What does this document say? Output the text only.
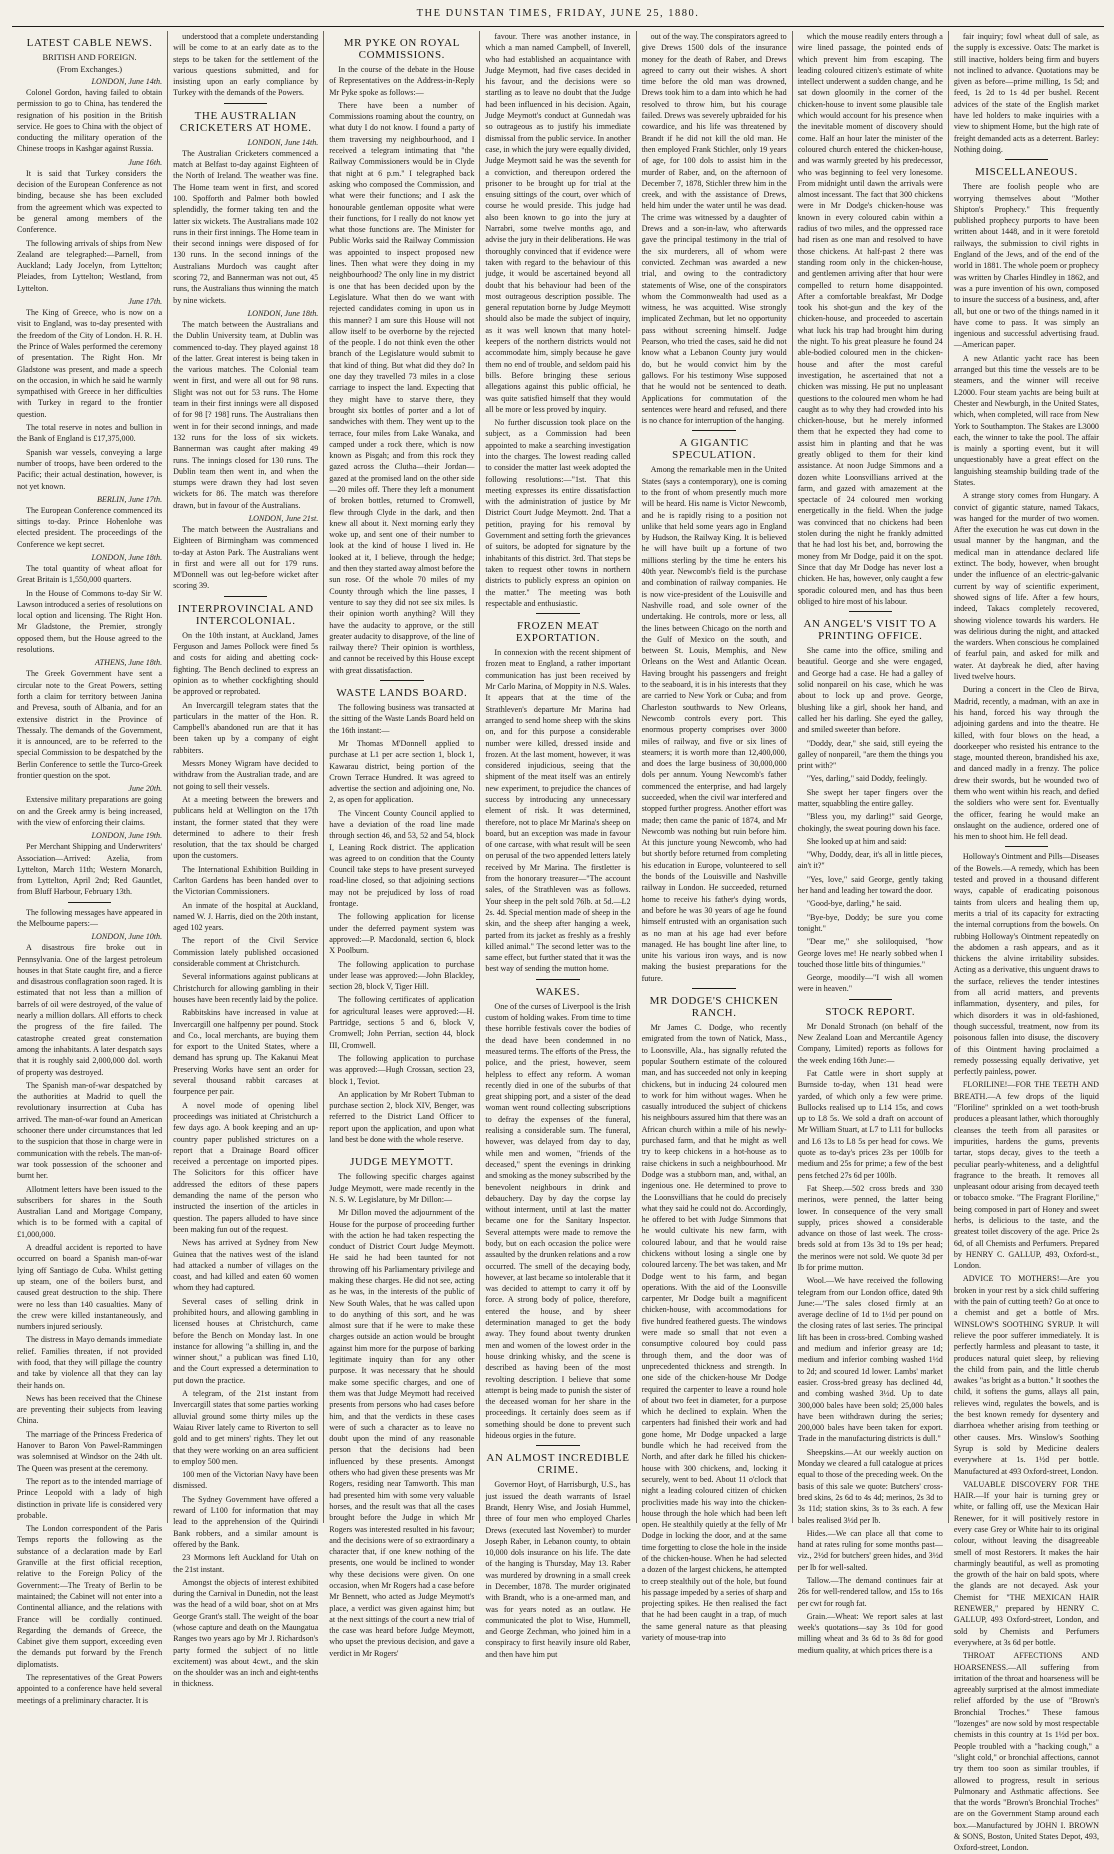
THE DUNSTAN TIMES, FRIDAY, JUNE 25, 1880.
LATEST CABLE NEWS.
BRITISH AND FOREIGN.
(From Exchanges.)
LONDON, June 14th.

Colonel Gordon, having failed to obtain permission to go to China, has tendered the resignation of his position in the British service. He goes to China with the object of conducting the military operation of the Chinese troops in Kashgar against Russia.

June 16th.

It is said that Turkey considers the decision of the European Conference as not binding, because she has been excluded from the agreement which was expected to be general among members of the Conference.

The following arrivals of ships from New Zealand are telegraphed:—Parnell, from Auckland; Lady Jocelyn, from Lyttelton; Pleiades, from Lyttelton; Westland, from Lyttelton.

June 17th.

The King of Greece, who is now on a visit to England, was to-day presented with the freedom of the City of London. H. R. H. the Prince of Wales performed the ceremony of presentation. The Right Hon. Mr Gladstone was present, and made a speech on the occasion, in which he said he warmly sympathised with Greece in her difficulties with Turkey in regard to the frontier question.

The total reserve in notes and bullion in the Bank of England is £17,375,000.

Spanish war vessels, conveying a large number of troops, have been ordered to the Pacific; their actual destination, however, is not yet known.

BERLIN, June 17th.

The European Conference commenced its sittings to-day. Prince Hohenlohe was elected president. The proceedings of the Conference we kept secret.

LONDON, June 18th.

The total quantity of wheat afloat for Great Britain is 1,550,000 quarters.

In the House of Commons to-day Sir W. Lawson introduced a series of resolutions on local option and licensing. The Right Hon. Mr Gladstone, the Premier, strongly opposed them, but the House agreed to the resolutions.

ATHENS, June 18th.

The Greek Government have sent a circular note to the Great Powers, setting forth a claim for territory between Janina and Prevesa, south of Albania, and for an extensive district in the Province of Thessaly. The demands of the Government, it is announced, are to be referred to the special Commission to be despatched by the Berlin Conference to settle the Turco-Greek frontier question on the spot.

June 20th.

Extensive military preparations are going on and the Greek army is being increased, with the view of enforcing their claims.

LONDON, June 19th.

Per Merchant Shipping and Underwriters' Association—Arrived: Azelia, from Lyttelton, March 11th; Western Monarch, from Lyttelton, April 2nd; Red Gauntlet, from Bluff Harbour, February 13th.

The following messages have appeared in the Melbourne papers:—

LONDON, June 10th.

A disastrous fire broke out in Pennsylvania. One of the largest petroleum houses in that State caught fire, and a fierce and disastrous conflagration soon raged. It is estimated that not less than a million of barrels of oil were destroyed, of the value of nearly a million dollars. All efforts to check the progress of the fire failed. The catastrophe created great consternation among the inhabitants. A later despatch says that it is roughly said 2,000,000 dol. worth of property was destroyed.

The Spanish man-of-war despatched by the authorities at Madrid to quell the revolutionary insurrection at Cuba has arrived. The man-of-war found an American schooner there under circumstances that led to the suspicion that those in charge were in communication with the rebels. The man-of-war took possession of the schooner and burnt her.

Allotment letters have been issued to the subscribers for shares in the South Australian Land and Mortgage Company, which is to be formed with a capital of £1,000,000.

A dreadful accident is reported to have occurred on board a Spanish man-of-war lying off Santiago de Cuba. Whilst getting up steam, one of the boilers burst, and caused great destruction to the ship. There were no less than 140 casualties. Many of the crew were killed instantaneously, and numbers injured seriously.

The distress in Mayo demands immediate relief. Families threaten, if not provided with food, that they will pillage the country and take by violence all that they can lay their hands on.

News has been received that the Chinese are preventing their subjects from leaving China.

The marriage of the Princess Frederica of Hanover to Baron Von Pawel-Rammingen was solemnised at Windsor on the 24th ult. The Queen was present at the ceremony.

The report as to the intended marriage of Prince Leopold with a lady of high distinction in private life is considered very probable.

The London correspondent of the Paris Temps reports the following as the substance of a declaration made by Earl Granville at the first official reception, relative to the Foreign Policy of the Government:—The Treaty of Berlin to be maintained; the Cabinet will not enter into a Continental alliance, and the relations with France will be cordially continued. Regarding the demands of Greece, the Cabinet give them support, exceeding even the demands put forward by the French diplomatists.

The representatives of the Great Powers appointed to a conference have held several meetings of a preliminary character. It is

understood that a complete understanding will be come to at an early date as to the steps to be taken for the settlement of the various questions submitted, and for insisting upon an early compliance by Turkey with the demands of the Powers.

THE AUSTRALIAN CRICKETERS AT HOME.
LONDON, June 14th.

The Australian Cricketers commenced a match at Belfast to-day against Eighteen of the North of Ireland. The weather was fine. The Home team went in first, and scored 100. Spofforth and Palmer both bowled splendidly, the former taking ten and the latter six wickets. The Australians made 102 runs in their first innings. The Home team in their second innings were disposed of for 130 runs. In the second innings of the Australians Murdoch was caught after scoring 72, and Bannerman was not out, 45 runs, the Australians thus winning the match by nine wickets.

LONDON, June 18th.

The match between the Australians and the Dublin University team, at Dublin was commenced to-day. They played against 18 of the latter. Great interest is being taken in the various matches. The Colonial team went in first, and were all out for 98 runs. Slight was not out for 53 runs. The Home team in their first innings were all disposed of for 98 [? 198] runs. The Australians then went in for their second innings, and made 132 runs for the loss of six wickets. Bannerman was caught after making 49 runs. The innings closed for 130 runs. The Dublin team then went in, and when the stumps were drawn they had lost seven wickets for 86. The match was therefore drawn, but in favour of the Australians.

LONDON, June 21st.

The match between the Australians and Eighteen of Birmingham was commenced to-day at Aston Park. The Australians went in first and were all out for 179 runs. M'Donnell was out leg-before wicket after scoring 39.

INTERPROVINCIAL AND INTERCOLONIAL.

On the 10th instant, at Auckland, James Ferguson and James Pollock were fined 5s and costs for aiding and abetting cock-fighting. The Bench declined to express an opinion as to whether cockfighting should be approved or reprobated.

An Invercargill telegram states that the particulars in the matter of the Hon. R. Campbell's abandoned run are that it has been taken up by a company of eight rabbiters.

Messrs Money Wigram have decided to withdraw from the Australian trade, and are not going to sell their vessels.

At a meeting between the brewers and publicans held at Wellington on the 17th instant, the former stated that they were determined to adhere to their fresh resolution, that the tax should be charged upon the customers.

The International Exhibition Building in Carlton Gardens has been handed over to the Victorian Commissioners.

An inmate of the hospital at Auckland, named W. J. Harris, died on the 20th instant, aged 102 years.

The report of the Civil Service Commission lately published occasioned considerable comment at Christchurch.

Several informations against publicans at Christchurch for allowing gambling in their houses have been recently laid by the police.

Rabbitskins have increased in value at Invercargill one halfpenny per pound. Stock and Co., local merchants, are buying them for export to the United States, where a demand has sprung up. The Kakanui Meat Preserving Works have sent an order for several thousand rabbit carcases at fourpence per pair.

A novel mode of opening libel proceedings was initiated at Christchurch a few days ago. A book keeping and an up-country paper published strictures on a report that a Drainage Board officer received a percentage on imported pipes. The Solicitors for this officer have addressed the editors of these papers demanding the name of the person who instructed the insertion of the articles in question. The papers alluded to have since been making fun out of the request.

News has arrived at Sydney from New Guinea that the natives west of the island had attacked a number of villages on the coast, and had killed and eaten 60 women whom they had captured.

Several cases of selling drink in prohibited hours, and allowing gambling in licensed houses at Christchurch, came before the Bench on Monday last. In one instance for allowing "a shilling in, and the winner shout," a publican was fined L10, and the Court expressed a determination to put down the practice.

A telegram, of the 21st instant from Invercargill states that some parties working alluvial ground some thirty miles up the Waiau River lately came to Riverton to sell gold and to get miners' rights. They let out that they were working on an area sufficient to employ 500 men.

100 men of the Victorian Navy have been dismissed.

The Sydney Government have offered a reward of L100 for information that may lead to the apprehension of the Quirindi Bank robbers, and a similar amount is offered by the Bank.

23 Mormons left Auckland for Utah on the 21st instant.

Amongst the objects of interest exhibited during the Carnival in Dunedin, not the least was the head of a wild boar, shot on at Mrs George Grant's stall. The weight of the boar (whose capture and death on the Maungatua Ranges two years ago by Mr J. Richardson's party formed the subject of no little excitement) was about 4cwt., and the skin on the shoulder was an inch and eight-tenths in thickness.

MR PYKE ON ROYAL COMMISSIONS.

In the course of the debate in the House of Representatives on the Address-in-Reply Mr Pyke spoke as follows:—

There have been a number of Commissions roaming about the country, on what duty I do not know. I found a party of them traversing my neighbourhood, and I received a telegram intimating that "the Railway Commissioners would be in Clyde that night at 6 p.m." I telegraphed back asking who composed the Commission, and what were their functions; and I ask the honourable gentleman opposite what were their functions, for I really do not know yet what those functions are. The Minister for Public Works said the Railway Commission was appointed to inspect proposed new lines. Then what were they doing in my neighbourhood? The only line in my district is one that has been decided upon by the Legislature. What then do we want with rejected candidates coming in upon us in this manner? I am sure this House will not allow itself to be overborne by the rejected of the people. I do not think even the other branch of the Legislature would submit to that kind of thing. But what did they do? In one day they travelled 73 miles in a close carriage to inspect the land. Expecting that they might have to starve there, they brought six bottles of porter and a lot of sandwiches with them. They went up to the terrace, four miles from Lake Wanaka, and camped under a rock there, which is now known as Pisgah; and from this rock they gazed across the Clutha—their Jordan—gazed at the promised land on the other side—20 miles off. There they left a monument of broken bottles, returned to Cromwell, flew through Clyde in the dark, and then knew all about it. Next morning early they woke up, and sent one of their number to look at the kind of house I lived in. He looked at it, I believe, through the hedge; and then they started away almost before the sun rose. Of the whole 70 miles of my County through which the line passes, I venture to say they did not see six miles. Is their opinion worth anything? Will they have the audacity to approve, or the still greater audacity to disapprove, of the line of railway there? Their opinion is worthless, and cannot be received by this House except with great dissatisfaction.

WASTE LANDS BOARD.

The following business was transacted at the sitting of the Waste Lands Board held on the 16th instant:—

Mr Thomas M'Donnell applied to purchase at L1 per acre section 1, block 1, Kawarau district, being portion of the Crown Terrace Hundred. It was agreed to advertise the section and adjoining one, No. 2, as open for application.

The Vincent County Council applied to have a deviation of the road line made through section 46, and 53, 52 and 54, block I, Leaning Rock district. The application was agreed to on condition that the County Council take steps to have present surveyed road-line closed, so that adjoining sections may not be prejudiced by loss of road frontage.

The following application for license under the deferred payment system was approved:—P. Macdonald, section 6, block X Poolburn.

The following application to purchase under lease was approved:—John Blackley, section 28, block V, Tiger Hill.

The following certificates of application for agricultural leases were approved:—H. Partridge, sections 5 and 6, block V, Cromwell; John Perrian, section 44, block III, Cromwell.

The following application to purchase was approved:—Hugh Crossan, section 23, block 1, Teviot.

An application by Mr Robert Tubman to purchase section 2, block XIV, Benger, was referred to the District Land Officer to report upon the application, and upon what land best be done with the whole reserve.

JUDGE MEYMOTT.

The following specific charges against Judge Meymott, were made recently in the N. S. W. Legislature, by Mr Dillon:—

Mr Dillon moved the adjournment of the House for the purpose of proceeding further with the action he had taken respecting the conduct of District Court Judge Meymott. He said he had been taunted for not throwing off his Parliamentary privilege and making these charges. He did not see, acting as he was, in the interests of the public of New South Wales, that he was called upon to do anything of this sort, and he was almost sure that if he were to make these charges outside an action would be brought against him more for the purpose of barking legitimate inquiry than for any other purpose. It was necessary that he should make some specific charges, and one of them was that Judge Meymott had received presents from persons who had cases before him, and that the verdicts in these cases were of such a character as to leave no doubt upon the mind of any reasonable person that the decisions had been influenced by these presents. Amongst others who had given these presents was Mr Rogers, residing near Tamworth. This man had presented him with some very valuable horses, and the result was that all the cases brought before the Judge in which Mr Rogers was interested resulted in his favour; and the decisions were of so extraordinary a character that, if one knew nothing of the presents, one would be inclined to wonder why these decisions were given. On one occasion, when Mr Rogers had a case before Mr Bennett, who acted as Judge Meymott's place, a verdict was given against him; but at the next sittings of the court a new trial of the case was heard before Judge Meymott, who upset the previous decision, and gave a verdict in Mr Rogers'

favour. There was another instance, in which a man named Campbell, of Inverell, who had established an acquaintance with Judge Meymott, had five cases decided in his favour, and the decisions were so startling as to leave no doubt that the Judge had been influenced in his decision. Again, Judge Meymott's conduct at Gunnedah was so outrageous as to justify his immediate dismissal from the public service. In another case, in which the jury were equally divided, Judge Meymott said he was the seventh for a conviction, and thereupon ordered the prisoner to be brought up for trial at the ensuing sittings of the court, over which of course he would preside. This judge had also been known to go into the jury at Narrabri, some twelve months ago, and advise the jury in their deliberations. He was thoroughly convinced that if evidence were taken with regard to the behaviour of this judge, it would be ascertained beyond all doubt that his behaviour had been of the most outrageous description possible. The general reputation borne by Judge Meymott should also be made the subject of inquiry, as it was well known that many hotel-keepers of the northern districts would not accommodate him, simply because he gave them no end of trouble, and seldom paid his bills. Before bringing these serious allegations against this public official, he was quite satisfied himself that they would all be more or less proved by inquiry.

No further discussion took place on the subject, as a Commission had been appointed to make a searching investigation into the charges. The lowest reading called to consider the matter last week adopted the following resolutions:—"1st. That this meeting expresses its entire dissatisfaction with the administration of justice by Mr District Court Judge Meymott. 2nd. That a petition, praying for his removal by Government and setting forth the grievances of suitors, be adopted for signature by the inhabitants of this district. 3rd. That steps be taken to request other towns in northern districts to publicly express an opinion on the matter." The meeting was both respectable and enthusiastic.

FROZEN MEAT EXPORTATION.

In connexion with the recent shipment of frozen meat to England, a rather important communication has just been received by Mr Carlo Marina, of Moppity in N.S. Wales. It appears that at the time of the Strathleven's departure Mr Marina had arranged to send home sheep with the skins on, and for this purpose a considerable number were killed, dressed inside and frozen. At the last moment, however, it was considered injudicious, seeing that the shipment of the meat itself was an entirely new experiment, to prejudice the chances of success by introducing any unnecessary element of risk. It was determined, therefore, not to place Mr Marina's sheep on board, but an exception was made in favour of one carcase, with what result will be seen on perusal of the two appended letters lately received by Mr Marina. The firstletter is from the honorary treasurer—"The account sales, of the Strathleven was as follows. Your sheep in the pelt sold 76lb. at 5d.—L2 2s. 4d. Special mention made of sheep in the skin, and the sheep after hanging a week, parted from its jacket as freshly as a freshly killed animal." The second letter was to the same effect, but further stated that it was the best way of sending the mutton home.

WAKES.

One of the curses of Liverpool is the Irish custom of holding wakes. From time to time these horrible festivals cover the bodies of the dead have been condemned in no measured terms. The efforts of the Press, the police, and the priest, however, seem helpless to effect any reform. A woman recently died in one of the suburbs of that great shipping port, and a sister of the dead woman went round collecting subscriptions to defray the expenses of the funeral, realising a considerable sum. The funeral, however, was delayed from day to day, while men and women, "friends of the deceased," spent the evenings in drinking and smoking as the money subscribed by the benevolent neighbours in drink and debauchery. Day by day the corpse lay without interment, until at last the matter became one for the Sanitary Inspector. Several attempts were made to remove the body, but on each occasion the police were assaulted by the drunken relations and a row occurred. The smell of the decaying body, however, at last became so intolerable that it was decided to attempt to carry it off by force. A strong body of police, therefore, entered the house, and by sheer determination managed to get the body away. They found about twenty drunken men and women of the lowest order in the house drinking whisky, and the scene is described as having been of the most revolting description. I believe that some attempt is being made to punish the sister of the deceased woman for her share in the proceedings. It certainly does seem as if something should be done to prevent such hideous orgies in the future.

AN ALMOST INCREDIBLE CRIME.

Governor Hoyt, of Harrisburgh, U.S., has just issued the death warrants of Israel Brandt, Henry Wise, and Josiah Hummel, three of four men who employed Charles Drews (executed last November) to murder Joseph Raber, in Lebanon county, to obtain 10,000 dols insurance on his life. The date of the hanging is Thursday, May 13. Raber was murdered by drowning in a small creek in December, 1878. The murder originated with Brandt, who is a one-armed man, and was for years noted as an outlaw. He communicated the plot to Wise, Hummell, and George Zechman, who joined him in a conspiracy to first heavily insure old Raber, and then have him put

out of the way. The conspirators agreed to give Drews 1500 dols of the insurance money for the death of Raber, and Drews agreed to carry out their wishes. A short time before the old man was drowned, Drews took him to a dam into which he had resolved to throw him, but his courage failed. Drews was severely upbraided for his cowardice, and his life was threatened by Brandt if he did not kill the old man. He then employed Frank Stichler, only 19 years of age, for 100 dols to assist him in the murder of Raber, and, on the afternoon of December 7, 1878, Stichler threw him in the creek, and with the assistance of Drews, held him under the water until he was dead. The crime was witnessed by a daughter of Drews and a son-in-law, who afterwards gave the principal testimony in the trial of the six murderers, all of whom were convicted. Zechman was awarded a new trial, and owing to the contradictory statements of Wise, one of the conspirators whom the Commonwealth had used as a witness, he was acquitted. Wise strongly implicated Zechman, but let no opportunity pass without screening himself. Judge Pearson, who tried the cases, said he did not know what a Lebanon County jury would do, but he would convict him by the gallows. For his testimony Wise supposed that he would not be sentenced to death. Applications for commutation of the sentences were heard and refused, and there is no chance for interruption of the hanging.

A GIGANTIC SPECULATION.

Among the remarkable men in the United States (says a contemporary), one is coming to the front of whom presently much more will be heard. His name is Victor Newcomb, and he is rapidly rising to a position not unlike that held some years ago in England by Hudson, the Railway King. It is believed he will have built up a fortune of two millions sterling by the time he enters his 40th year. Newcomb's field is the purchase and combination of railway companies. He is now vice-president of the Louisville and Nashville road, and sole owner of the undertaking. He controls, more or less, all the lines between Chicago on the north and the Gulf of Mexico on the south, and between St. Louis, Memphis, and New Orleans on the West and Atlantic Ocean. Having brought his passengers and freight to the seaboard, it is in his interests that they are carried to New York or Cuba; and from Charleston southwards to New Orleans, Newcomb controls every port. This enormous property comprises over 3000 miles of railway, and five or six lines of steamers; it is worth more than 12,400,000, and does the large business of 30,000,000 dols per annum. Young Newcomb's father commenced the enterprise, and had largely succeeded, when the civil war interfered and stopped further progress. Another effort was made; then came the panic of 1874, and Mr Newcomb was nothing but ruin before him. At this juncture young Newcomb, who had but shortly before returned from completing his education in Europe, volunteered to sell the bonds of the Louisville and Nashville railway in London. He succeeded, returned home to receive his father's dying words, and before he was 30 years of age he found himself entrusted with an organisation such as no man at his age had ever before managed. He has bought line after line, to unite his various iron ways, and is now making the busiest preparations for the future.

MR DODGE'S CHICKEN RANCH.

Mr James C. Dodge, who recently emigrated from the town of Natick, Mass., to Loonsville, Ala., has signally refuted the popular Southern estimate of the coloured man, and has succeeded not only in keeping chickens, but in inducing 24 coloured men to work for him without wages. When he casually introduced the subject of chickens his neighbours assured him that there was an African church within a mile of his newly-purchased farm, and that he might as well try to keep chickens in a hot-house as to raise chickens in such a neighbourhood. Mr Dodge was a stubborn man, and, withal, an ingenious one. He determined to prove to the Loonsvillians that he could do precisely what they said he could not do. Accordingly, he offered to bet with Judge Simmons that he would cultivate his new farm, with coloured labour, and that he would raise chickens without losing a single one by coloured larceny. The bet was taken, and Mr Dodge went to his farm, and began operations. With the aid of the Loonsville carpenter, Mr Dodge built a magnificent chicken-house, with accommodations for five hundred feathered guests. The windows were made so small that not even a consumptive coloured boy could pass through them, and the door was of unprecedented thickness and strength. In one side of the chicken-house Mr Dodge required the carpenter to leave a round hole of about two feet in diameter, for a purpose which he declined to explain. When the carpenters had finished their work and had gone home, Mr Dodge unpacked a large bundle which he had received from the North, and after dark he filled his chicken-house with 300 chickens, and, locking it securely, went to bed. About 11 o'clock that night a leading coloured citizen of chicken proclivities made his way into the chicken-house through the hole which had been left open. He stealthily quietly at the felly of Mr Dodge in locking the door, and at the same time forgetting to close the hole in the inside of the chicken-house. When he had selected a dozen of the largest chickens, he attempted to creep stealthily out of the hole, but found his passage impeded by a series of sharp and projecting spikes. He then realised the fact that he had been caught in a trap, of much the same general nature as that pleasing variety of mouse-trap into

which the mouse readily enters through a wire lined passage, the pointed ends of which prevent him from escaping. The leading coloured citizen's estimate of white intellect underwent a sudden change, and he sat down gloomily in the corner of the chicken-house to invent some plausible tale which would account for his presence when the inevitable moment of discovery should come. Half an hour later the minister of the coloured church entered the chicken-house, and was warmly greeted by his predecessor, who was beginning to feel very lonesome. From midnight until dawn the arrivals were almost incessant. The fact that 300 chickens were in Mr Dodge's chicken-house was known in every coloured cabin within a radius of two miles, and the oppressed race had risen as one man and resolved to have those chickens. At half-past 2 there was standing room only in the chicken-house, and gentlemen arriving after that hour were compelled to return home disappointed. After a comfortable breakfast, Mr Dodge took his shot-gun and the key of the chicken-house, and proceeded to ascertain what luck his trap had brought him during the night. To his great pleasure he found 24 able-bodied coloured men in the chicken-house and after the most careful investigation, he ascertained that not a chicken was missing. He put no unpleasant questions to the coloured men whom he had caught as to why they had crowded into his chicken-house, but he merely informed them that he expected they had come to assist him in planting and that he was greatly obliged to them for their kind assistance. At noon Judge Simmons and a dozen white Loonsvillians arrived at the farm, and gazed with amazement at the spectacle of 24 coloured men working energetically in the field. When the judge was convinced that no chickens had been stolen during the night he frankly admitted that he had lost his bet, and, borrowing the money from Mr Dodge, paid it on the spot. Since that day Mr Dodge has never lost a chicken. He has, however, only caught a few sporadic coloured men, and has thus been obliged to hire most of his labour.

AN ANGEL'S VISIT TO A PRINTING OFFICE.

She came into the office, smiling and beautiful. George and she were engaged, and George had a case. He had a galley of solid nonpareil on his case, which he was about to lock up and prove. George, blushing like a girl, shook her hand, and called her his darling. She eyed the galley, and smiled sweeter than before.

"Doddy, dear," she said, still eyeing the galley of nonpareil, "are them the things you print with?"

"Yes, darling," said Doddy, feelingly.

She swept her taper fingers over the matter, squabbling the entire galley.

"Bless you, my darling!" said George, chokingly, the sweat pouring down his face.

She looked up at him and said:

"Why, Doddy, dear, it's all in little pieces, ain't it?"

"Yes, love," said George, gently taking her hand and leading her toward the door.

"Good-bye, darling," he said.

"Bye-bye, Doddy; be sure you come tonight."

"Dear me," she soliloquised, "how George loves me! He nearly sobbed when I touched those little bits of thingumies."

George, moodily—"I wish all women were in heaven."

STOCK REPORT.

Mr Donald Stronach (on behalf of the New Zealand Loan and Mercantile Agency Company, Limited) reports as follows for the week ending 16th June:—

Fat Cattle were in short supply at Burnside to-day, when 131 head were yarded, of which only a few were prime. Bullocks realised up to L14 15s, and cows up to L8 5s. We sold a draft on account of Mr William Stuart, at L7 to L11 for bullocks and L6 13s to L8 5s per head for cows. We quote as to-day's prices 23s per 100lb for medium and 25s for prime; a few of the best pens fetched 27s 6d per 100lb.

Fat Sheep.—502 cross breds and 330 merinos, were penned, the latter being lower. In consequence of the very small supply, prices showed a considerable advance on those of last week. The cross-breds sold at from 13s 3d to 19s per head; the merinos were not sold. We quote 3d per lb for prime mutton.

Wool.—We have received the following telegram from our London office, dated 9th June:—"The sales closed firmly at an average decline of 1d to 1½d per pound on the closing rates of last series. The principal lift has been in cross-bred. Combing washed and medium and inferior greasy are 1d; medium and inferior combing washed 1½d to 2d; and scoured 1d lower. Lambs' market easier. Cross-bred greasy has declined 4d, and combing washed 3½d. Up to date 300,000 bales have been sold; 25,000 bales have been withdrawn during the series; 200,000 bales have been taken for export. Trade in the manufacturing districts is dull."

Sheepskins.—At our weekly auction on Monday we cleared a full catalogue at prices equal to those of the preceding week. On the basis of this sale we quote: Butchers' cross-bred skins, 2s 6d to 4s 4d; merinos, 2s 3d to 3s 11d; station skins, 3s to 3s each. A few bales realised 3½d per lb.

Hides.—We can place all that come to hand at rates ruling for some months past—viz., 2½d for butchers' green hides, and 3½d per lb for well-salted.

Tallow.—The demand continues fair at 26s for well-rendered tallow, and 15s to 16s per cwt for rough fat.

Grain.—Wheat: We report sales at last week's quotations—say 3s 10d for good milling wheat and 3s 6d to 3s 8d for good medium quality, at which prices there is a

fair inquiry; fowl wheat dull of sale, as the supply is excessive. Oats: The market is still inactive, holders being firm and buyers not inclined to advance. Quotations may be given as before—prime milling, 1s 5d; and feed, 1s 2d to 1s 4d per bushel. Recent advices of the state of the English market have led holders to make inquiries with a view to shipment Home, but the high rate of freight demanded acts as a deterrent. Barley: Nothing doing.

MISCELLANEOUS.

There are foolish people who are worrying themselves about "Mother Shipton's Prophecy." This frequently published prophecy purports to have been written about 1448, and in it were foretold railways, the submission to civil rights in England of the Jews, and of the end of the world in 1881. The whole poem or prophecy was written by Charles Hindley in 1862, and was a pure invention of his own, composed to insure the success of a business, and, after all, but one or two of the things named in it have come to pass. It was simply an ingenious and successful advertising fraud.—American paper.

A new Atlantic yacht race has been arranged but this time the vessels are to be steamers, and the winner will receive L2000. Four steam yachts are being built at Chester and Newburgh, in the United States, which, when completed, will race from New York to Southampton. The Stakes are L3000 each, the winner to take the pool. The affair is mainly a sporting event, but it will unquestionably have a great effect on the languishing steamship building trade of the States.

A strange story comes from Hungary. A convict of gigantic stature, named Takacs, was hanged for the murder of two women. After the execution he was cut down in the usual manner by the hangman, and the medical man in attendance declared life extinct. The body, however, when brought under the influence of an electric-galvanic current by way of scientific experiment, showed signs of life. After a few hours, indeed, Takacs completely recovered, showing violence towards his warders. He was delirious during the night, and attacked the warders. When conscious he complained of fearful pain, and asked for milk and water. At daybreak he died, after having lived twelve hours.

During a concert in the Cleo de Birva, Madrid, recently, a madman, with an axe in his hand, forced his way through the adjoining gardens and into the theatre. He killed, with four blows on the head, a doorkeeper who resisted his entrance to the stage, mounted thereon, brandished his axe, and danced madly in a frenzy. The police drew their swords, but he wounded two of them who went within his reach, and defied the soldiers who were sent for. Eventually the officer, fearing he would make an onslaught on the audience, ordered one of his men to shoot him. He fell dead.

Holloway's Ointment and Pills—Diseases of the Bowels.—A remedy, which has been tested and proved in a thousand different ways, capable of eradicating poisonous taints from ulcers and healing them up, merits a trial of its capacity for extracting the internal corruptions from the bowels. On rubbing Holloway's Ointment repeatedly on the abdomen a rash appears, and as it thickens the alvine irritability subsides. Acting as a derivative, this unguent draws to the surface, relieves the tender intestines from all acrid matters, and prevents inflammation, dysentery, and piles, for which disorders it was in old-fashioned, though successful, treatment, now from its poisonous fallen into disuse, the discovery of this Ointment having proclaimed a remedy possessing equally derivative, yet perfectly painless, power.

FLORILINE!—FOR THE TEETH AND BREATH.—A few drops of the liquid "Floriline" sprinkled on a wet tooth-brush produces a pleasant lather, which thoroughly cleanses the teeth from all parasites or impurities, hardens the gums, prevents tartar, stops decay, gives to the teeth a peculiar pearly-whiteness, and a delightful fragrance to the breath. It removes all unpleasant odour arising from decayed teeth or tobacco smoke. "The Fragrant Floriline," being composed in part of Honey and sweet herbs, is delicious to the taste, and the greatest toilet discovery of the age. Price 2s 6d, of all Chemists and Perfumers. Prepared by HENRY C. GALLUP, 493, Oxford-st., London.

ADVICE TO MOTHERS!—Are you broken in your rest by a sick child suffering with the pain of cutting teeth? Go at once to a chemist and get a bottle of Mrs. WINSLOW'S SOOTHING SYRUP. It will relieve the poor sufferer immediately. It is perfectly harmless and pleasant to taste, it produces natural quiet sleep, by relieving the child from pain, and the little cherub awakes "as bright as a button." It soothes the child, it softens the gums, allays all pain, relieves wind, regulates the bowels, and is the best known remedy for dysentery and diarrhoea whether arising from teething or other causes. Mrs. Winslow's Soothing Syrup is sold by Medicine dealers everywhere at 1s. 1½d per bottle. Manufactured at 493 Oxford-street, London.

VALUABLE DISCOVERY FOR THE HAIR.—If your hair is turning grey or white, or falling off, use the Mexican Hair Renewer, for it will positively restore in every case Grey or White hair to its original colour, without leaving the disagreeable smell of most Restorers. It makes the hair charmingly beautiful, as well as promoting the growth of the hair on bald spots, where the glands are not decayed. Ask your Chemist for "THE MEXICAN HAIR RENEWER," prepared by HENRY C. GALLUP, 493 Oxford-street, London, and sold by Chemists and Perfumers everywhere, at 3s 6d per bottle.

THROAT AFFECTIONS AND HOARSENESS.—All suffering from irritation of the throat and hoarseness will be agreeably surprised at the almost immediate relief afforded by the use of "Brown's Bronchial Troches." These famous "lozenges" are now sold by most respectable chemists in this country at 1s 1½d per box. People troubled with a "hacking cough," a "slight cold," or bronchial affections, cannot try them too soon as similar troubles, if allowed to progress, result in serious Pulmonary and Asthmatic affections. See that the words "Brown's Bronchial Troches" are on the Government Stamp around each box.—Manufactured by JOHN I. BROWN & SONS, Boston, United States Depot, 493, Oxford-street, London.
